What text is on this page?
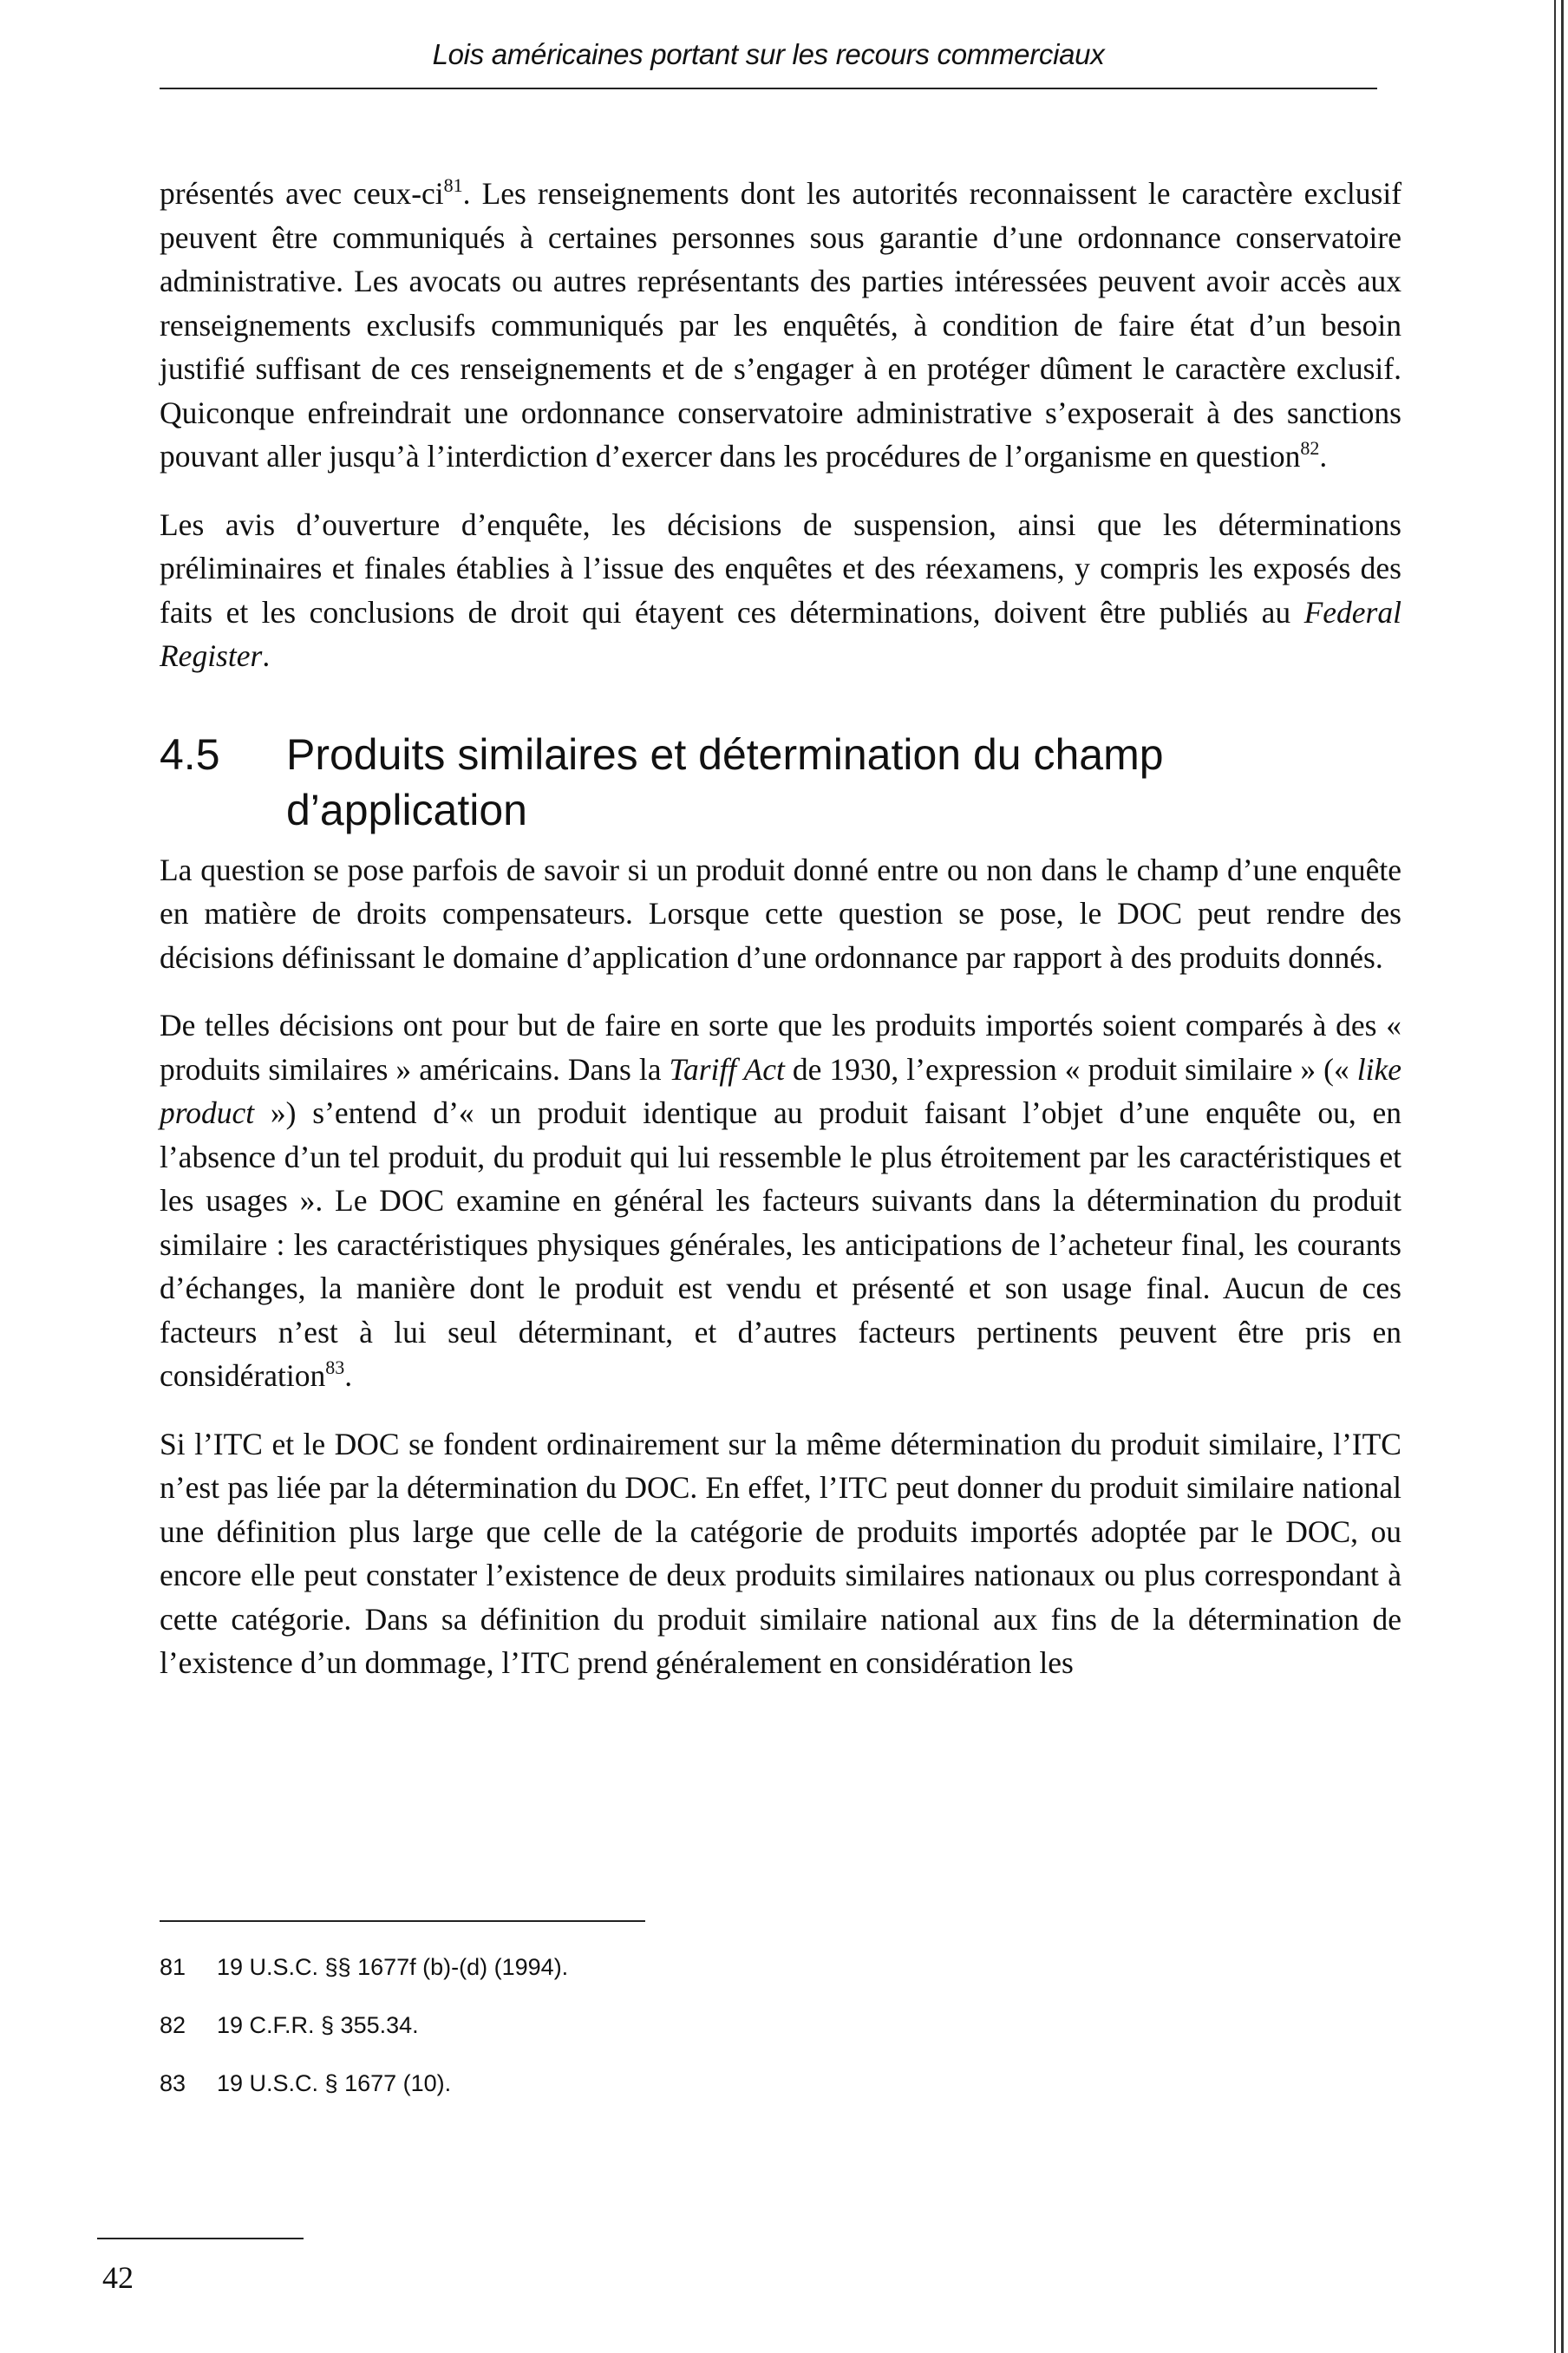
Lois américaines portant sur les recours commerciaux

présentés avec ceux-$ci^{81}$. Les renseignements dont les autorités reconnaissent le caractère exclusif peuvent être communiqués à certaines personnes sous garantie d’une ordonnance conservatoire administrative. Les avocats ou autres représentants des parties intéressées peuvent avoir accès aux renseignements exclusifs communiqués par les enquêtés, à condition de faire état d’un besoin justifié suffisant de ces renseignements et de s’engager à en protéger dûment le caractère exclusif. Quiconque enfreindrait une ordonnance conservatoire administrative s’exposerait à des sanctions pouvant aller jusqu’à l’interdiction d’exercer dans les procédures de l’organisme en question$^{82}$.

Les avis d’ouverture d’enquête, les décisions de suspension, ainsi que les déterminations préliminaires et finales établies à l’issue des enquêtes et des réexamens, y compris les exposés des faits et les conclusions de droit qui étayent ces déterminations, doivent être publiés au Federal Register.

4.5	Produits similaires et détermination du champ d’application

La question se pose parfois de savoir si un produit donné entre ou non dans le champ d’une enquête en matière de droits compensateurs. Lorsque cette question se pose, le DOC peut rendre des décisions définissant le domaine d’application d’une ordonnance par rapport à des produits donnés.

De telles décisions ont pour but de faire en sorte que les produits importés soient comparés à des « produits similaires » américains. Dans la Tariff Act de 1930, l’expression « produit similaire » (« like product ») s’entend d’« un produit identique au produit faisant l’objet d’une enquête ou, en l’absence d’un tel produit, du produit qui lui ressemble le plus étroitement par les caractéristiques et les usages ». Le DOC examine en général les facteurs suivants dans la détermination du produit similaire : les caractéristiques physiques générales, les anticipations de l’acheteur final, les courants d’échanges, la manière dont le produit est vendu et présenté et son usage final. Aucun de ces facteurs n’est à lui seul déterminant, et d’autres facteurs pertinents peuvent être pris en considération$^{83}$.

Si l’ITC et le DOC se fondent ordinairement sur la même détermination du produit similaire, l’ITC n’est pas liée par la détermination du DOC. En effet, l’ITC peut donner du produit similaire national une définition plus large que celle de la catégorie de produits importés adoptée par le DOC, ou encore elle peut constater l’existence de deux produits similaires nationaux ou plus correspondant à cette catégorie. Dans sa définition du produit similaire national aux fins de la détermination de l’existence d’un dommage, l’ITC prend généralement en considération les

81	19 U.S.C. §§ 1677f (b)-(d) (1994).
82	19 C.F.R. § 355.34.
83	19 U.S.C. § 1677 (10).
42
